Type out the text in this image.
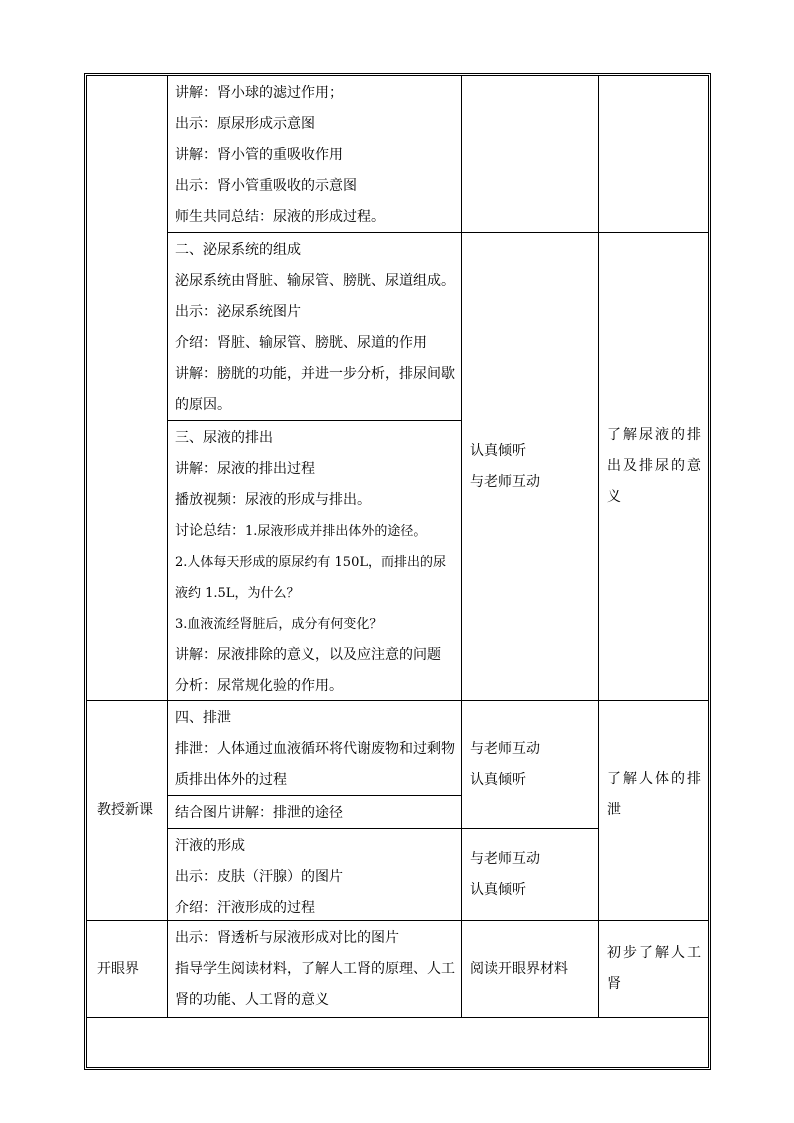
讲解：肾小球的滤过作用；
出示：原尿形成示意图
讲解：肾小管的重吸收作用
出示：肾小管重吸收的示意图
师生共同总结：尿液的形成过程。
二、泌尿系统的组成
泌尿系统由肾脏、输尿管、膀胱、尿道组成。
出示：泌尿系统图片
介绍：肾脏、输尿管、膀胱、尿道的作用
讲解：膀胱的功能，并进一步分析，排尿间歇
的原因。
三、尿液的排出
讲解：尿液的排出过程
播放视频：尿液的形成与排出。
讨论总结：1.尿液形成并排出体外的途径。
2.人体每天形成的原尿约有 150L，而排出的尿
液约 1.5L，为什么？
3.血液流经肾脏后，成分有何变化？
讲解：尿液排除的意义，以及应注意的问题
分析：尿常规化验的作用。
认真倾听
与老师互动
了解尿液的排
出及排尿的意
义
教授新课
四、排泄
排泄：人体通过血液循环将代谢废物和过剩物
质排出体外的过程
结合图片讲解：排泄的途径
汗液的形成
出示：皮肤（汗腺）的图片
介绍：汗液形成的过程
与老师互动
认真倾听
与老师互动
认真倾听
了解人体的排
泄
开眼界
出示：肾透析与尿液形成对比的图片
指导学生阅读材料，了解人工肾的原理、人工
肾的功能、人工肾的意义
阅读开眼界材料
初步了解人工
肾
